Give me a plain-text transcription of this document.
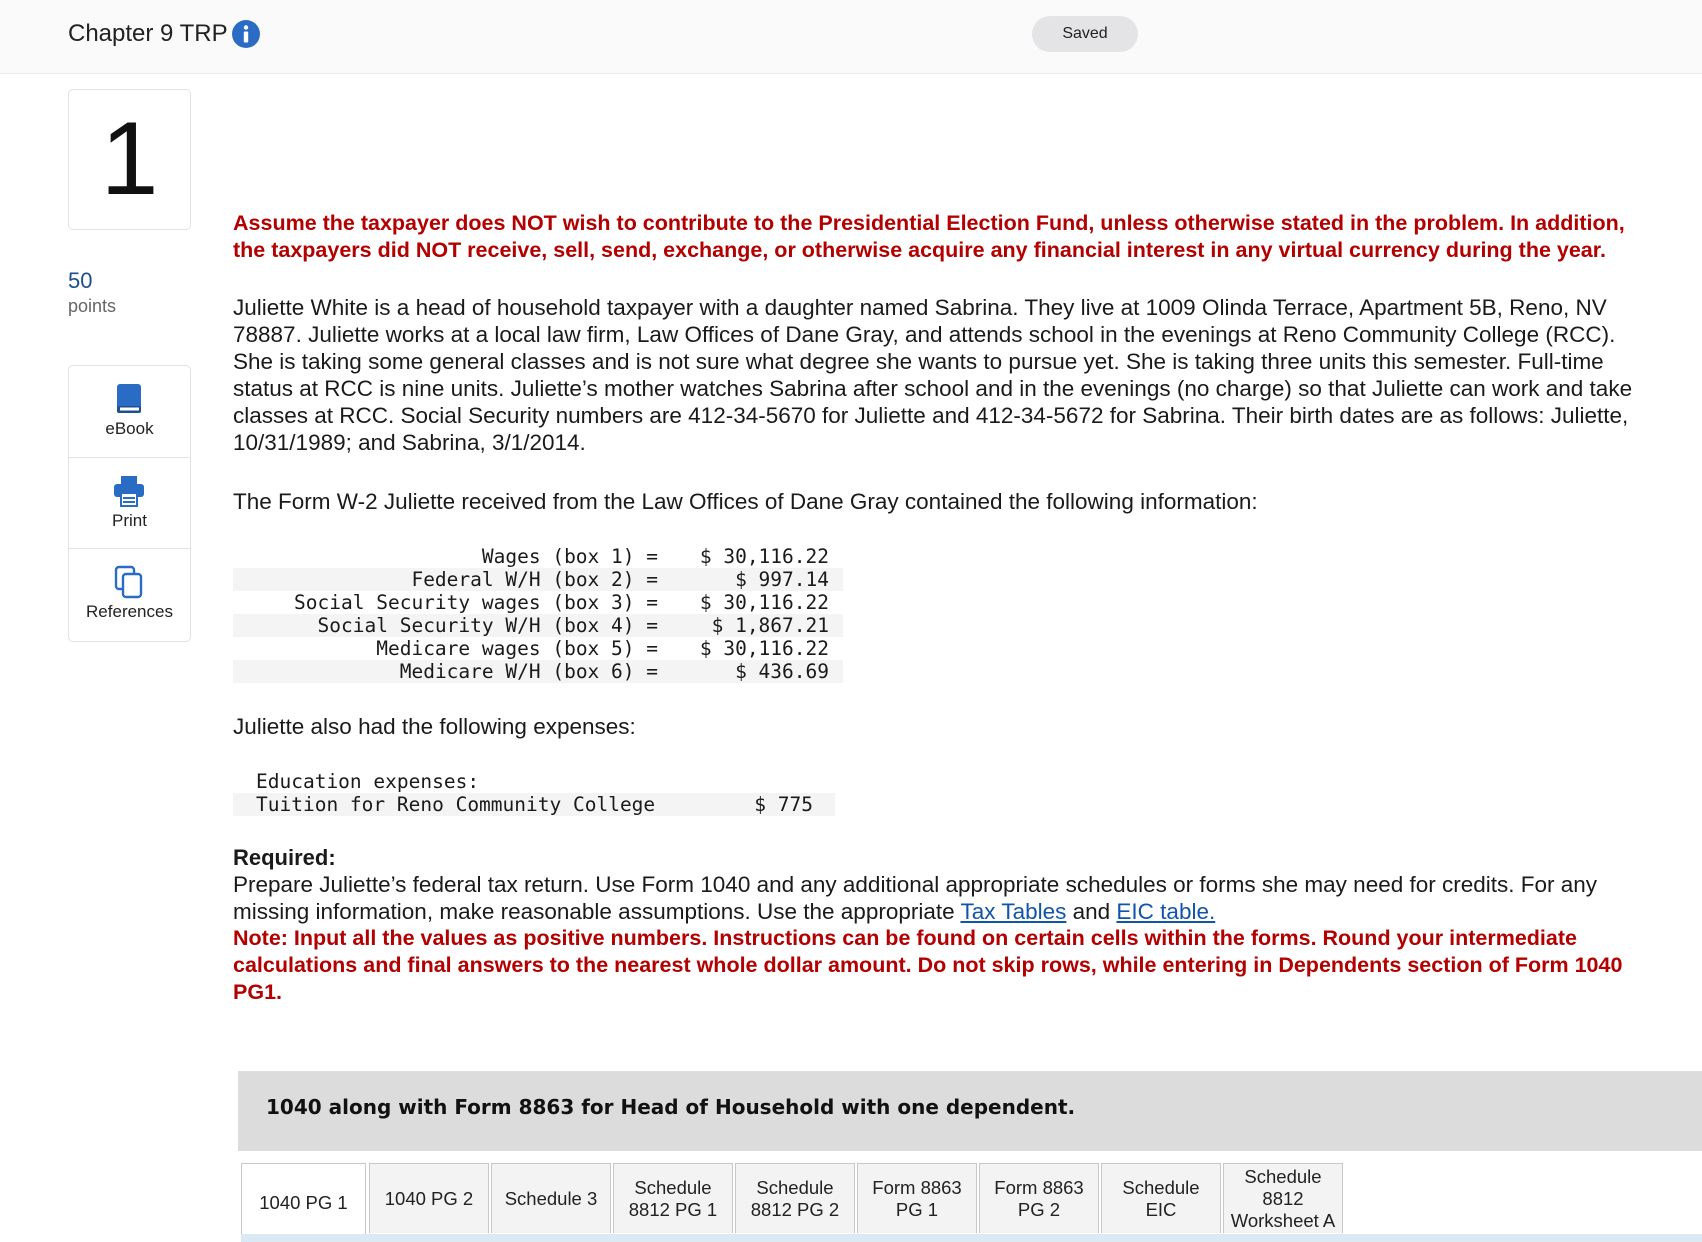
Chapter 9 TRP	Saved
1
50
points
eBook
Print
References

Assume the taxpayer does NOT wish to contribute to the Presidential Election Fund, unless otherwise stated in the problem. In addition, the taxpayers did NOT receive, sell, send, exchange, or otherwise acquire any financial interest in any virtual currency during the year.

Juliette White is a head of household taxpayer with a daughter named Sabrina. They live at 1009 Olinda Terrace, Apartment 5B, Reno, NV 78887. Juliette works at a local law firm, Law Offices of Dane Gray, and attends school in the evenings at Reno Community College (RCC). She is taking some general classes and is not sure what degree she wants to pursue yet. She is taking three units this semester. Full-time status at RCC is nine units. Juliette’s mother watches Sabrina after school and in the evenings (no charge) so that Juliette can work and take classes at RCC. Social Security numbers are 412-34-5670 for Juliette and 412-34-5672 for Sabrina. Their birth dates are as follows: Juliette, 10/31/1989; and Sabrina, 3/1/2014.

The Form W-2 Juliette received from the Law Offices of Dane Gray contained the following information:

Wages (box 1) =	$ 30,116.22
Federal W/H (box 2) =	$ 997.14
Social Security wages (box 3) =	$ 30,116.22
Social Security W/H (box 4) =	$ 1,867.21
Medicare wages (box 5) =	$ 30,116.22
Medicare W/H (box 6) =	$ 436.69

Juliette also had the following expenses:

Education expenses:	
Tuition for Reno Community College	$ 775
Required:

Prepare Juliette’s federal tax return. Use Form 1040 and any additional appropriate schedules or forms she may need for credits. For any missing information, make reasonable assumptions. Use the appropriate Tax Tables and EIC table.

Note: Input all the values as positive numbers. Instructions can be found on certain cells within the forms. Round your intermediate calculations and final answers to the nearest whole dollar amount. Do not skip rows, while entering in Dependents section of Form 1040 PG1.

1040 along with Form 8863 for Head of Household with one dependent.
1040 PG 1	1040 PG 2	Schedule 3
Schedule 8812 PG 1
Schedule 8812 PG 2
Form 8863 PG 1
Form 8863 PG 2
Schedule EIC
Schedule 8812 Worksheet A
